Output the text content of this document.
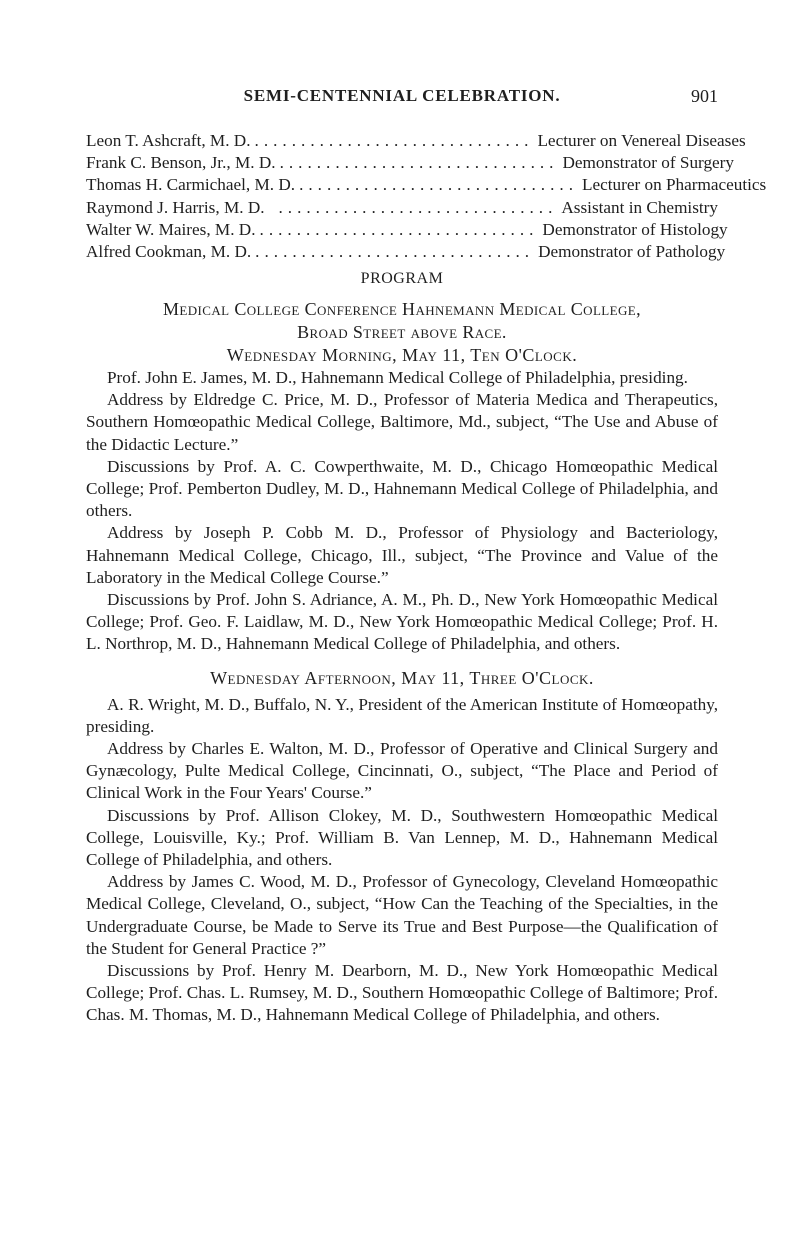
SEMI-CENTENNIAL CELEBRATION.	901
Leon T. Ashcraft, M. D. .............................. Lecturer on Venereal Diseases
Frank C. Benson, Jr., M. D. .............................. Demonstrator of Surgery
Thomas H. Carmichael, M. D. .............................. Lecturer on Pharmaceutics
Raymond J. Harris, M. D. .............................. Assistant in Chemistry
Walter W. Maires, M. D. .............................. Demonstrator of Histology
Alfred Cookman, M. D. .............................. Demonstrator of Pathology
PROGRAM
Medical College Conference Hahnemann Medical College,
Broad Street above Race.
Wednesday Morning, May 11, Ten O'Clock.

Prof. John E. James, M. D., Hahnemann Medical College of Philadelphia, presiding.

Address by Eldredge C. Price, M. D., Professor of Materia Medica and Therapeutics, Southern Homœopathic Medical College, Baltimore, Md., subject, “The Use and Abuse of the Didactic Lecture.”

Discussions by Prof. A. C. Cowperthwaite, M. D., Chicago Homœopathic Medical College; Prof. Pemberton Dudley, M. D., Hahnemann Medical College of Philadelphia, and others.

Address by Joseph P. Cobb M. D., Professor of Physiology and Bacteriology, Hahnemann Medical College, Chicago, Ill., subject, “The Province and Value of the Laboratory in the Medical College Course.”

Discussions by Prof. John S. Adriance, A. M., Ph. D., New York Homœopathic Medical College; Prof. Geo. F. Laidlaw, M. D., New York Homœopathic Medical College; Prof. H. L. Northrop, M. D., Hahnemann Medical College of Philadelphia, and others.

Wednesday Afternoon, May 11, Three O'Clock.

A. R. Wright, M. D., Buffalo, N. Y., President of the American Institute of Homœopathy, presiding.

Address by Charles E. Walton, M. D., Professor of Operative and Clinical Surgery and Gynæcology, Pulte Medical College, Cincinnati, O., subject, “The Place and Period of Clinical Work in the Four Years' Course.”

Discussions by Prof. Allison Clokey, M. D., Southwestern Homœopathic Medical College, Louisville, Ky.; Prof. William B. Van Lennep, M. D., Hahnemann Medical College of Philadelphia, and others.

Address by James C. Wood, M. D., Professor of Gynecology, Cleveland Homœopathic Medical College, Cleveland, O., subject, “How Can the Teaching of the Specialties, in the Undergraduate Course, be Made to Serve its True and Best Purpose—the Qualification of the Student for General Practice ?”

Discussions by Prof. Henry M. Dearborn, M. D., New York Homœopathic Medical College; Prof. Chas. L. Rumsey, M. D., Southern Homœopathic College of Baltimore; Prof. Chas. M. Thomas, M. D., Hahnemann Medical College of Philadelphia, and others.
